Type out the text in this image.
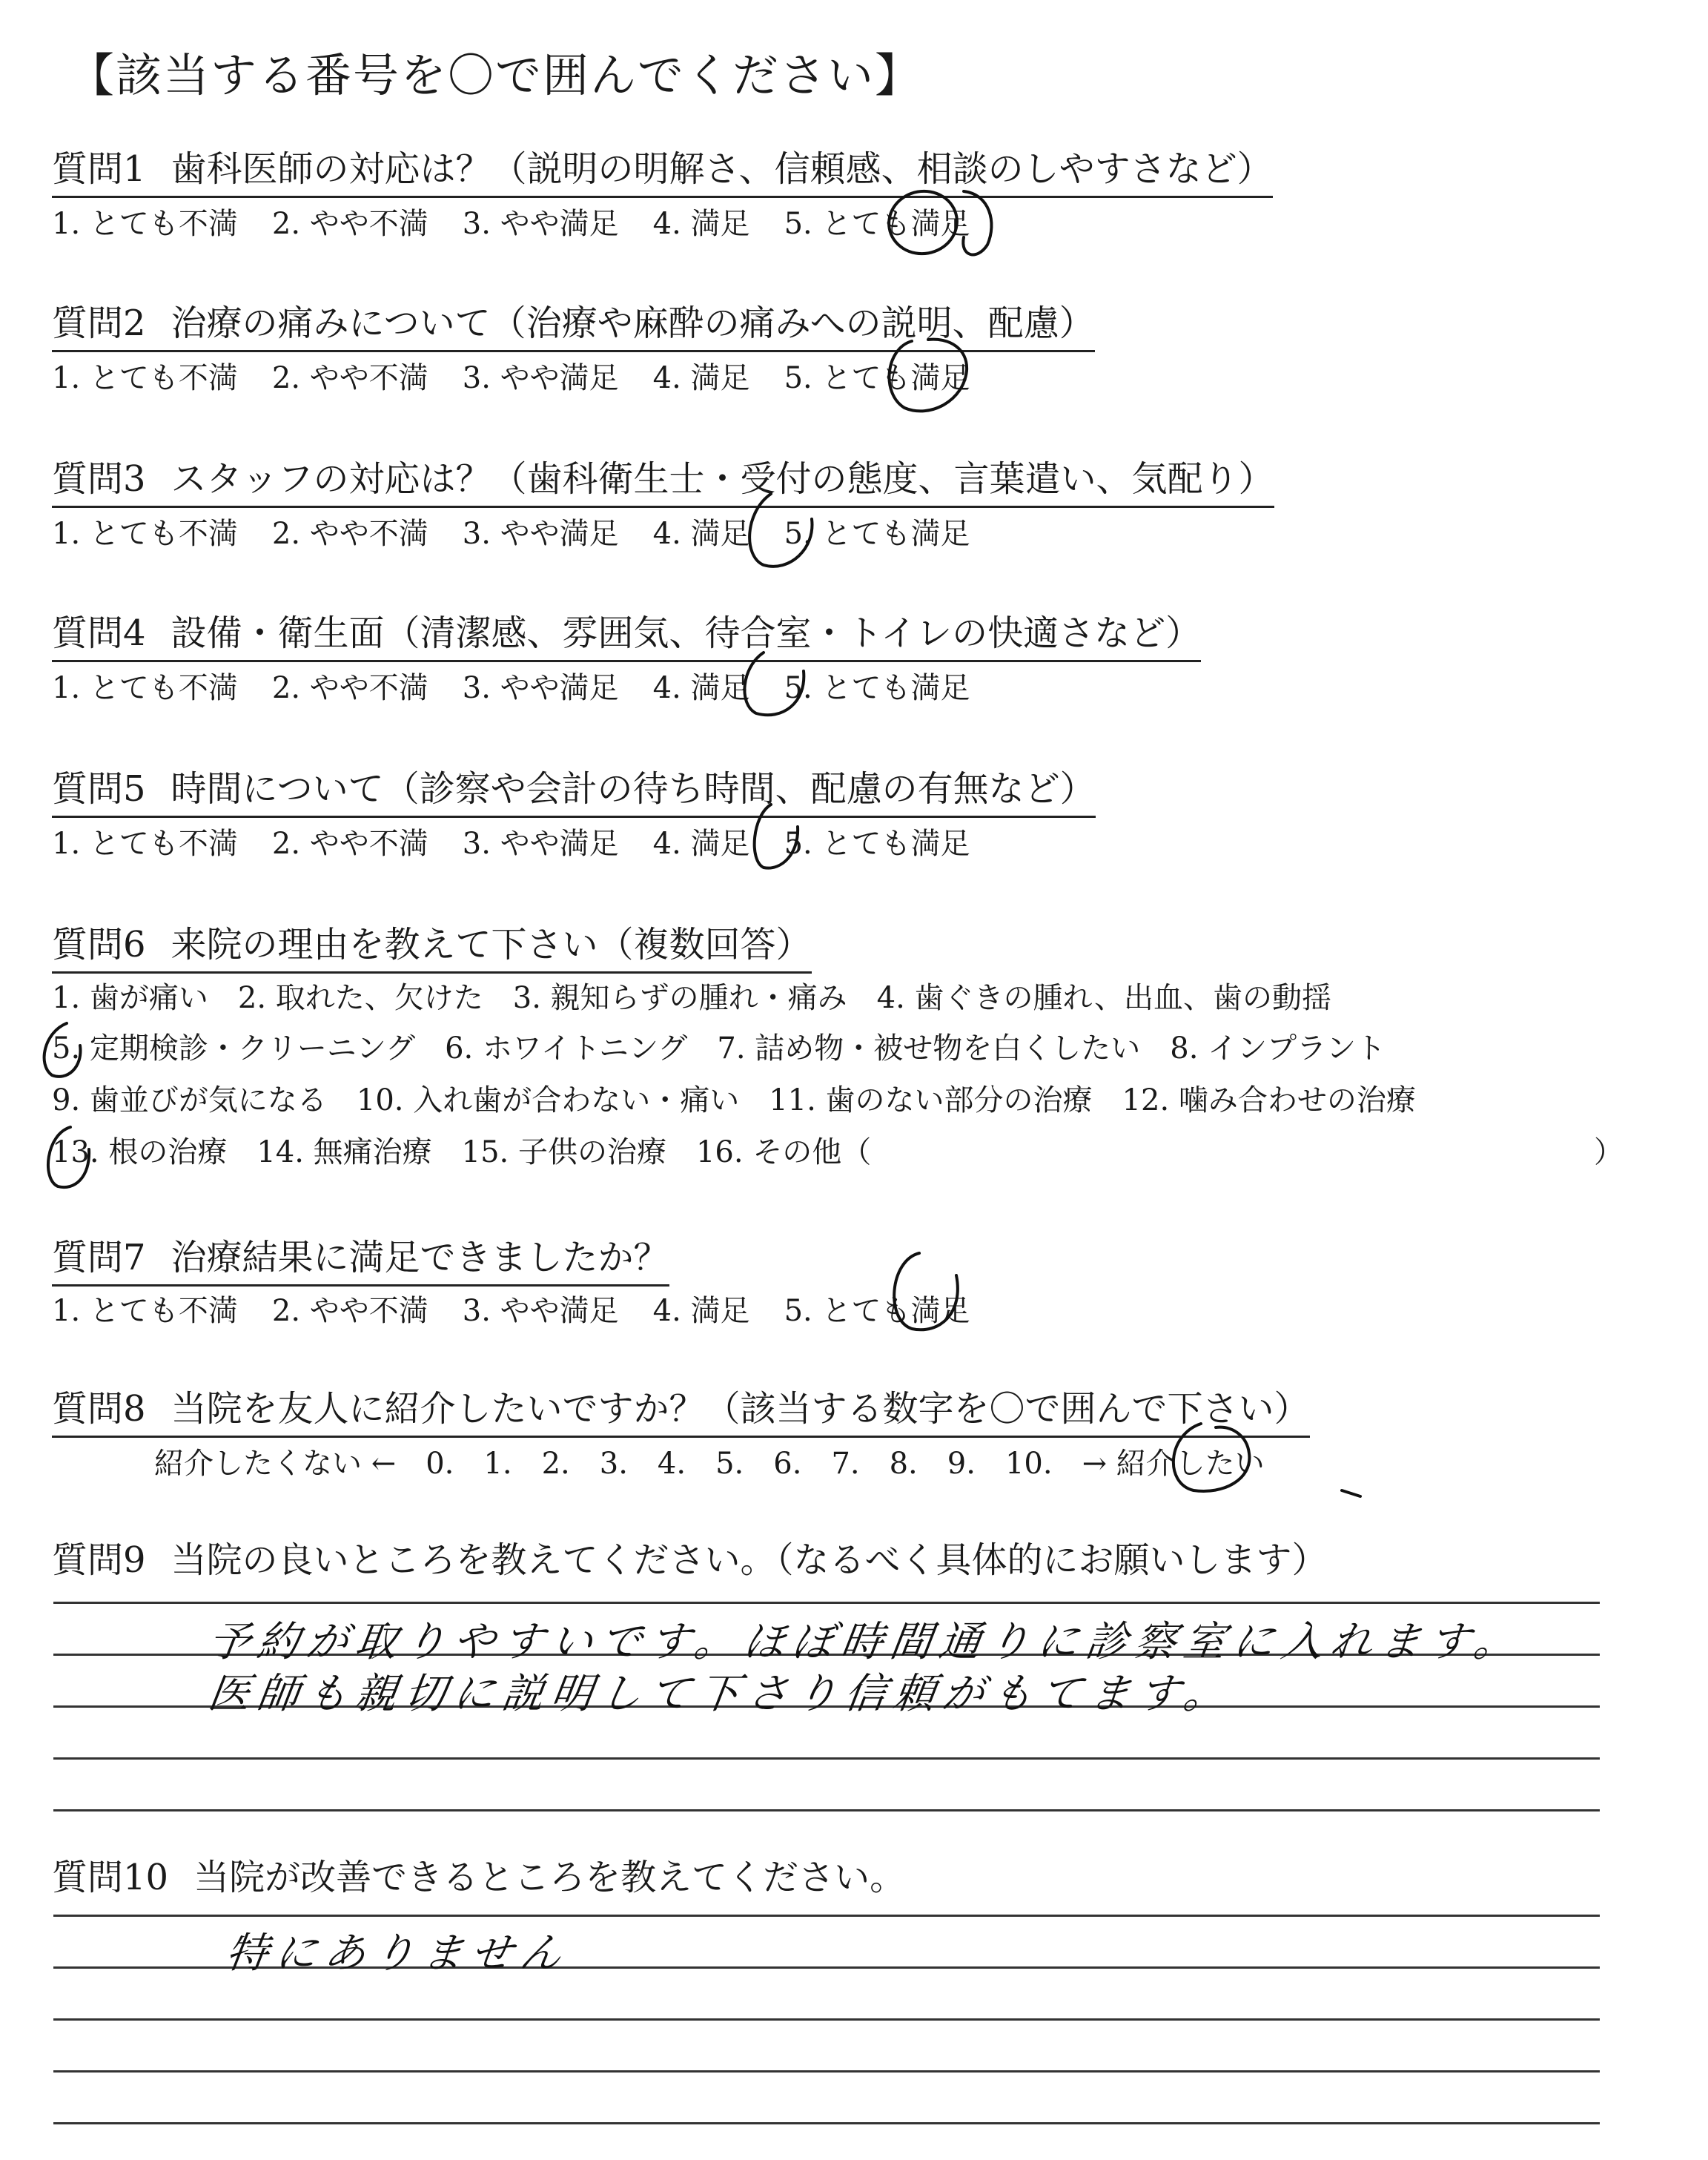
【該当する番号を〇で囲んでください】
質問1 歯科医師の対応は？（説明の明解さ、信頼感、相談のしやすさなど）
1. とても不満 2. やや不満 3. やや満足 4. 満足 5. とても満足
質問2 治療の痛みについて（治療や麻酔の痛みへの説明、配慮）
1. とても不満 2. やや不満 3. やや満足 4. 満足 5. とても満足
質問3 スタッフの対応は？（歯科衛生士・受付の態度、言葉遣い、気配り）
1. とても不満 2. やや不満 3. やや満足 4. 満足 5. とても満足
質問4 設備・衛生面（清潔感、雰囲気、待合室・トイレの快適さなど）
1. とても不満 2. やや不満 3. やや満足 4. 満足 5. とても満足
質問5 時間について（診察や会計の待ち時間、配慮の有無など）
1. とても不満 2. やや不満 3. やや満足 4. 満足 5. とても満足
質問6 来院の理由を教えて下さい（複数回答）
1. 歯が痛い 2. 取れた、欠けた 3. 親知らずの腫れ・痛み 4. 歯ぐきの腫れ、出血、歯の動揺
5. 定期検診・クリーニング 6. ホワイトニング 7. 詰め物・被せ物を白くしたい 8. インプラント
9. 歯並びが気になる 10. 入れ歯が合わない・痛い 11. 歯のない部分の治療 12. 噛み合わせの治療
13. 根の治療 14. 無痛治療 15. 子供の治療 16. その他（	）
質問7 治療結果に満足できましたか？
1. とても不満 2. やや不満 3. やや満足 4. 満足 5. とても満足
質問8 当院を友人に紹介したいですか？（該当する数字を〇で囲んで下さい）
紹介したくない ← 0. 1. 2. 3. 4. 5. 6. 7. 8. 9. 10. → 紹介したい
質問9 当院の良いところを教えてください。（なるべく具体的にお願いします）
予約が取りやすいです。ほぼ時間通りに診察室に入れます。
医師も親切に説明して下さり信頼がもてます。
質問10 当院が改善できるところを教えてください。
特にありません
